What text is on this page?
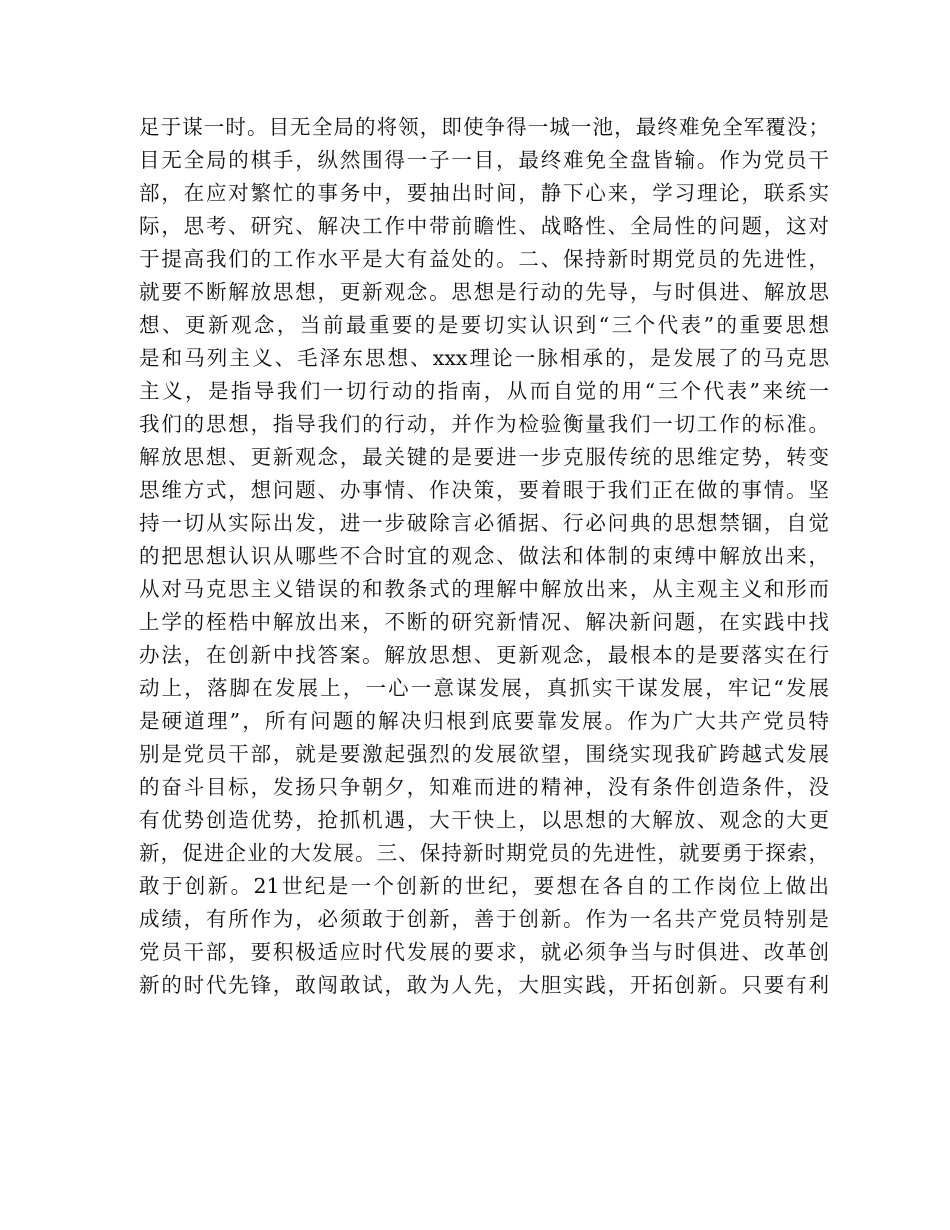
足于谋一时。目无全局的将领，即使争得一城一池，最终难免全军覆没；
目无全局的棋手，纵然围得一子一目，最终难免全盘皆输。作为党员干
部，在应对繁忙的事务中，要抽出时间，静下心来，学习理论，联系实
际，思考、研究、解决工作中带前瞻性、战略性、全局性的问题，这对
于提高我们的工作水平是大有益处的。二、保持新时期党员的先进性，
就要不断解放思想，更新观念。思想是行动的先导，与时俱进、解放思
想、更新观念，当前最重要的是要切实认识到“三个代表”的重要思想
是和马列主义、毛泽东思想、xxx理论一脉相承的，是发展了的马克思
主义，是指导我们一切行动的指南，从而自觉的用“三个代表”来统一
我们的思想，指导我们的行动，并作为检验衡量我们一切工作的标准。
解放思想、更新观念，最关键的是要进一步克服传统的思维定势，转变
思维方式，想问题、办事情、作决策，要着眼于我们正在做的事情。坚
持一切从实际出发，进一步破除言必循据、行必问典的思想禁锢，自觉
的把思想认识从哪些不合时宜的观念、做法和体制的束缚中解放出来，
从对马克思主义错误的和教条式的理解中解放出来，从主观主义和形而
上学的桎梏中解放出来，不断的研究新情况、解决新问题，在实践中找
办法，在创新中找答案。解放思想、更新观念，最根本的是要落实在行
动上，落脚在发展上，一心一意谋发展，真抓实干谋发展，牢记“发展
是硬道理”，所有问题的解决归根到底要靠发展。作为广大共产党员特
别是党员干部，就是要激起强烈的发展欲望，围绕实现我矿跨越式发展
的奋斗目标，发扬只争朝夕，知难而进的精神，没有条件创造条件，没
有优势创造优势，抢抓机遇，大干快上，以思想的大解放、观念的大更
新，促进企业的大发展。三、保持新时期党员的先进性，就要勇于探索，
敢于创新。21世纪是一个创新的世纪，要想在各自的工作岗位上做出
成绩，有所作为，必须敢于创新，善于创新。作为一名共产党员特别是
党员干部，要积极适应时代发展的要求，就必须争当与时俱进、改革创
新的时代先锋，敢闯敢试，敢为人先，大胆实践，开拓创新。只要有利
